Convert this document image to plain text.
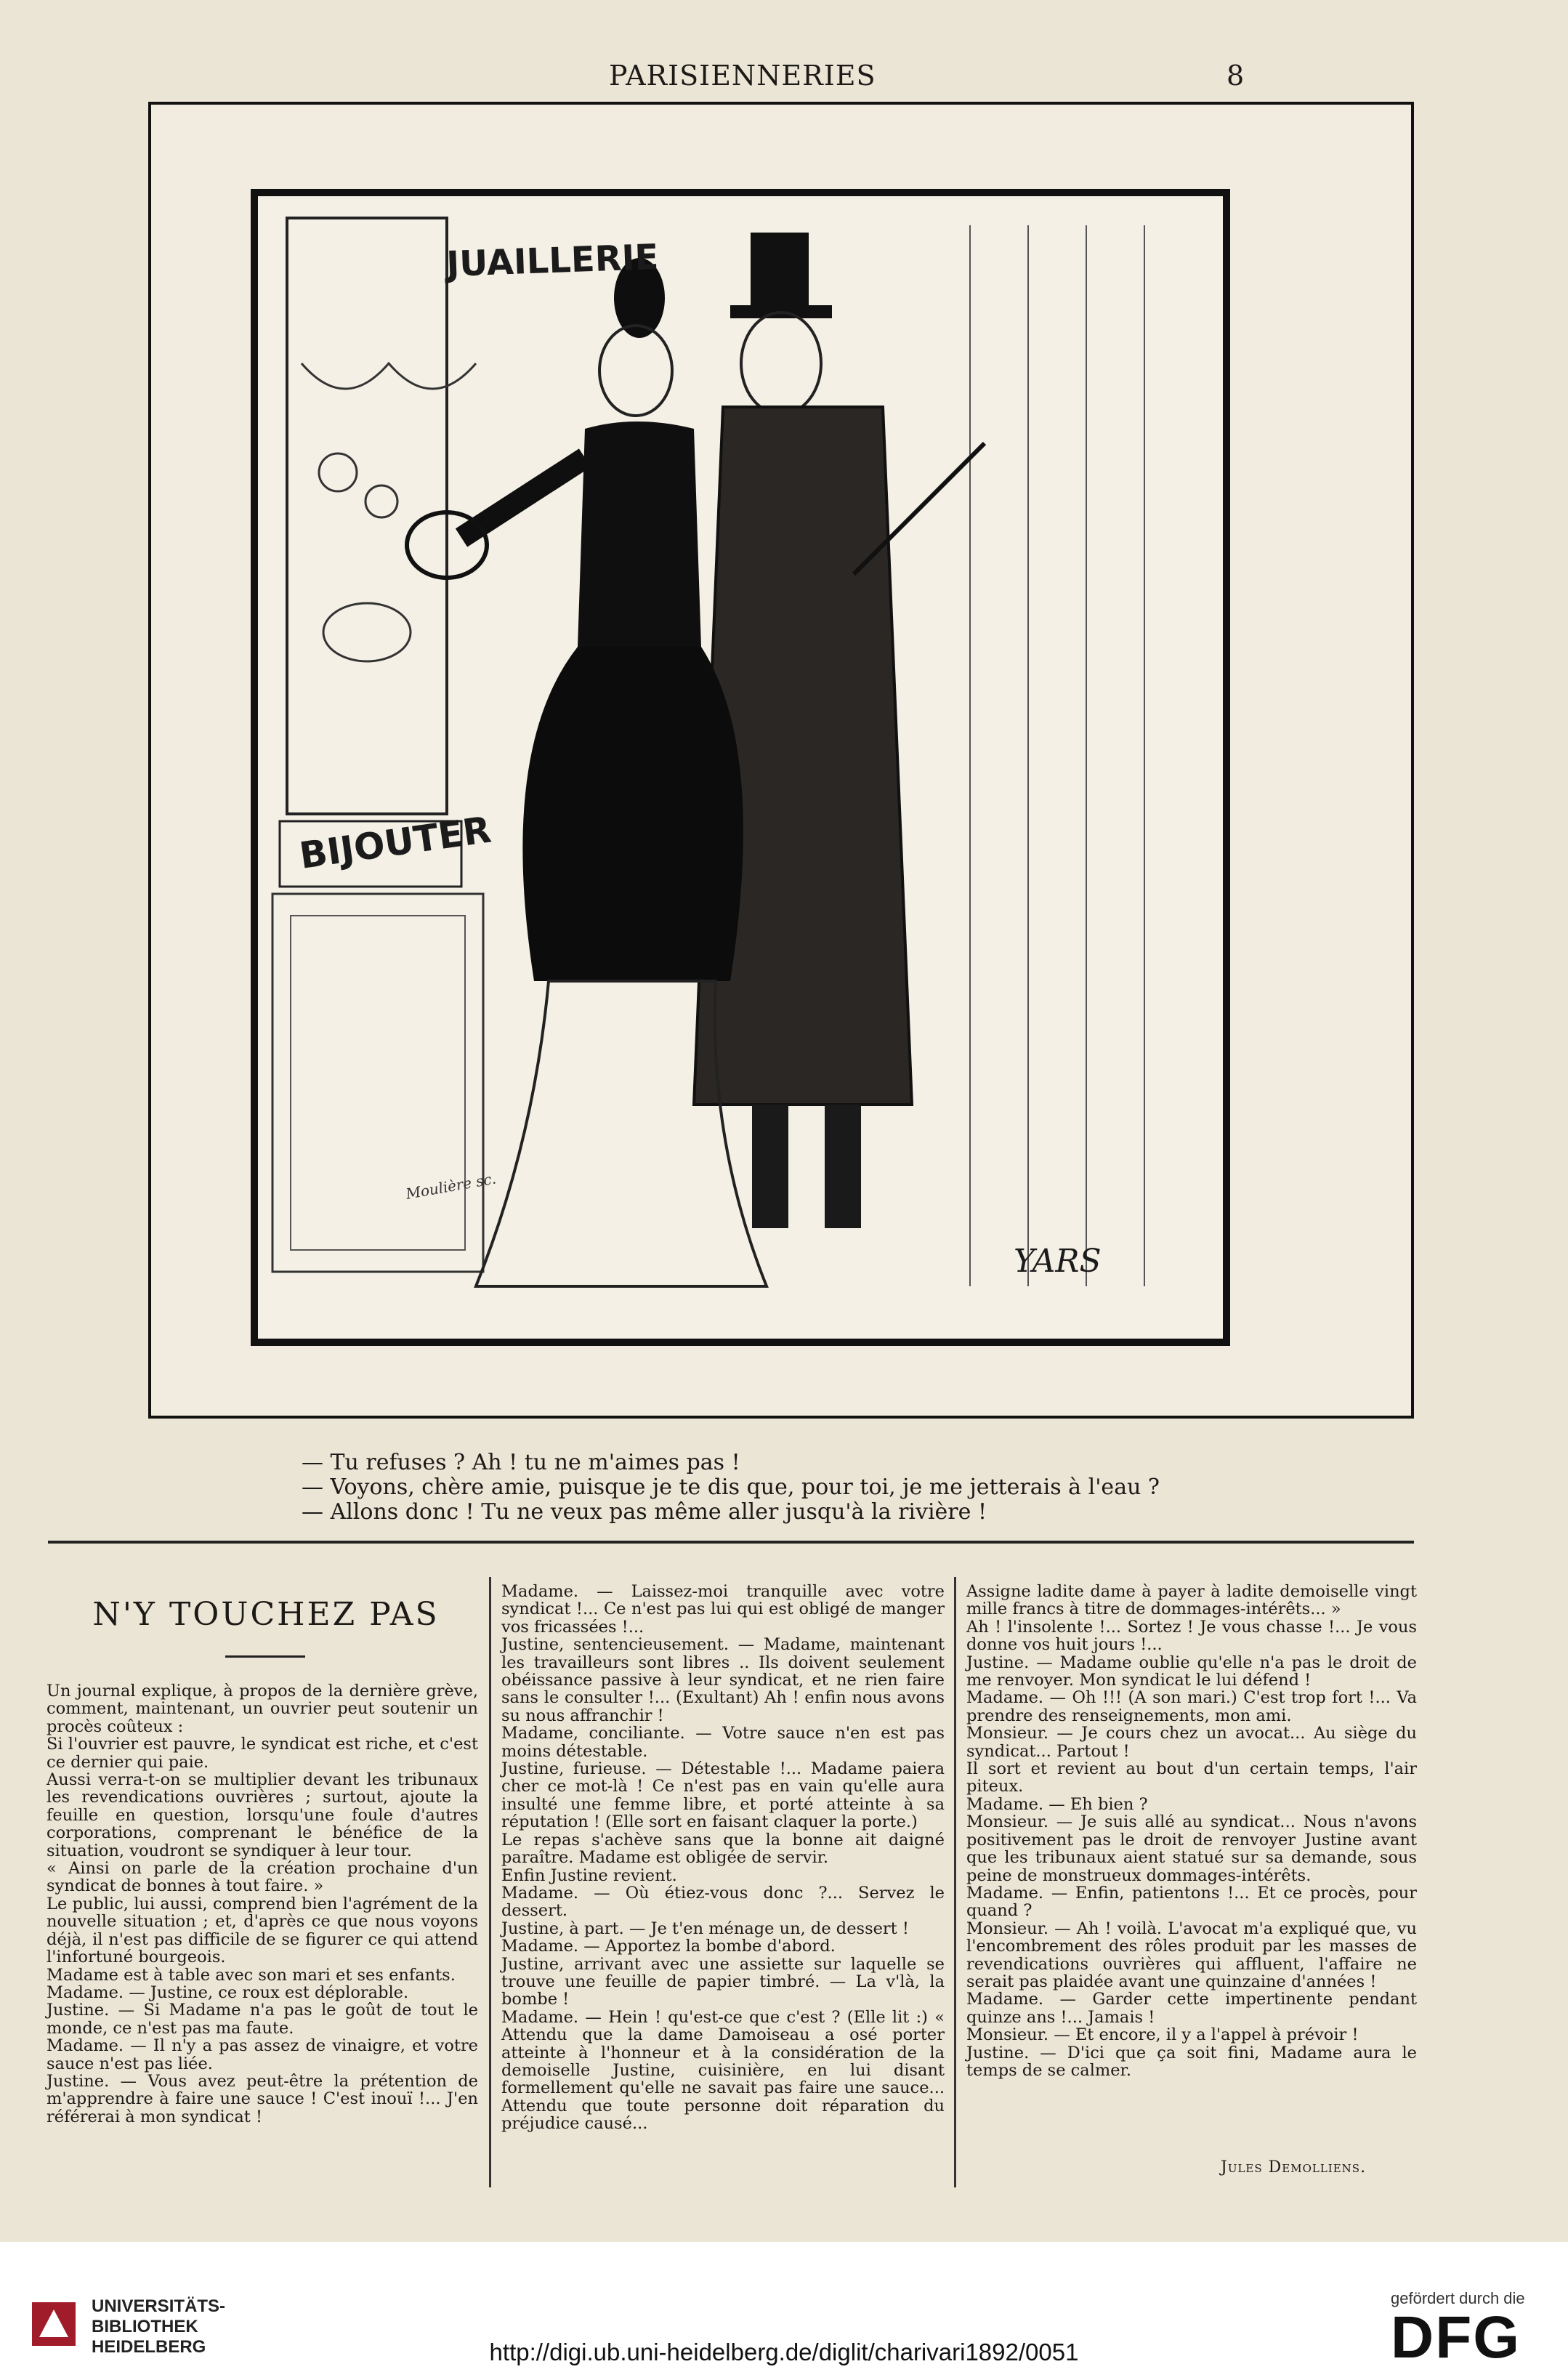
PARISIENNERIES	8
JUAILLERIE
BIJOUTER
YARS
Moulière sc.
— Tu refuses ? Ah ! tu ne m'aimes pas !
— Voyons, chère amie, puisque je te dis que, pour toi, je me jetterais à l'eau ?
— Allons donc ! Tu ne veux pas même aller jusqu'à la rivière !
N'Y TOUCHEZ PAS

Un journal explique, à propos de la dernière grève, comment, maintenant, un ouvrier peut soutenir un procès coûteux :

Si l'ouvrier est pauvre, le syndicat est riche, et c'est ce dernier qui paie.

Aussi verra-t-on se multiplier devant les tribunaux les revendications ouvrières ; surtout, ajoute la feuille en question, lorsqu'une foule d'autres corporations, comprenant le bénéfice de la situation, voudront se syndiquer à leur tour.

« Ainsi on parle de la création prochaine d'un syndicat de bonnes à tout faire. »

Le public, lui aussi, comprend bien l'agrément de la nouvelle situation ; et, d'après ce que nous voyons déjà, il n'est pas difficile de se figurer ce qui attend l'infortuné bourgeois.

Madame est à table avec son mari et ses enfants.

Madame. — Justine, ce roux est déplorable.

Justine. — Si Madame n'a pas le goût de tout le monde, ce n'est pas ma faute.

Madame. — Il n'y a pas assez de vinaigre, et votre sauce n'est pas liée.

Justine. — Vous avez peut-être la prétention de m'apprendre à faire une sauce ! C'est inouï !... J'en référerai à mon syndicat !

Madame. — Laissez-moi tranquille avec votre syndicat !... Ce n'est pas lui qui est obligé de manger vos fricassées !...

Justine, sentencieusement. — Madame, maintenant les travailleurs sont libres .. Ils doivent seulement obéissance passive à leur syndicat, et ne rien faire sans le consulter !... (Exultant) Ah ! enfin nous avons su nous affranchir !

Madame, conciliante. — Votre sauce n'en est pas moins détestable.

Justine, furieuse. — Détestable !... Madame paiera cher ce mot-là ! Ce n'est pas en vain qu'elle aura insulté une femme libre, et porté atteinte à sa réputation ! (Elle sort en faisant claquer la porte.)

Le repas s'achève sans que la bonne ait daigné paraître. Madame est obligée de servir.

Enfin Justine revient.

Madame. — Où étiez-vous donc ?... Servez le dessert.

Justine, à part. — Je t'en ménage un, de dessert !

Madame. — Apportez la bombe d'abord.

Justine, arrivant avec une assiette sur laquelle se trouve une feuille de papier timbré. — La v'là, la bombe !

Madame. — Hein ! qu'est-ce que c'est ? (Elle lit :) « Attendu que la dame Damoiseau a osé porter atteinte à l'honneur et à la considération de la demoiselle Justine, cuisinière, en lui disant formellement qu'elle ne savait pas faire une sauce... Attendu que toute personne doit réparation du préjudice causé...

Assigne ladite dame à payer à ladite demoiselle vingt mille francs à titre de dommages-intérêts... »

Ah ! l'insolente !... Sortez ! Je vous chasse !... Je vous donne vos huit jours !...

Justine. — Madame oublie qu'elle n'a pas le droit de me renvoyer. Mon syndicat le lui défend !

Madame. — Oh !!! (A son mari.) C'est trop fort !... Va prendre des renseignements, mon ami.

Monsieur. — Je cours chez un avocat... Au siège du syndicat... Partout !

Il sort et revient au bout d'un certain temps, l'air piteux.

Madame. — Eh bien ?

Monsieur. — Je suis allé au syndicat... Nous n'avons positivement pas le droit de renvoyer Justine avant que les tribunaux aient statué sur sa demande, sous peine de monstrueux dommages-intérêts.

Madame. — Enfin, patientons !... Et ce procès, pour quand ?

Monsieur. — Ah ! voilà. L'avocat m'a expliqué que, vu l'encombrement des rôles produit par les masses de revendications ouvrières qui affluent, l'affaire ne serait pas plaidée avant une quinzaine d'années !

Madame. — Garder cette impertinente pendant quinze ans !... Jamais !

Monsieur. — Et encore, il y a l'appel à prévoir !

Justine. — D'ici que ça soit fini, Madame aura le temps de se calmer.

Jules Demolliens.
UNIVERSITÄTS-
BIBLIOTHEK
HEIDELBERG	http://digi.ub.uni-heidelberg.de/diglit/charivari1892/0051
gefördert durch die
DFG
